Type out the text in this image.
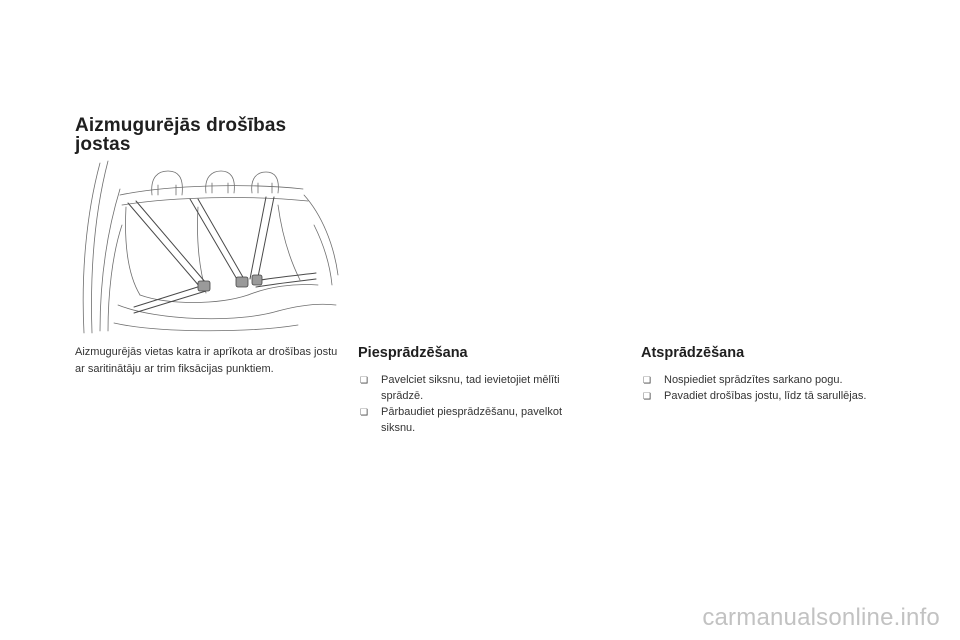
Aizmugurējās drošības
jostas

Aizmugurējās vietas katra ir aprīkota ar drošības jostu ar saritinātāju ar trim fiksācijas punktiem.

Piesprādzēšana
❏ Pavelciet siksnu, tad ievietojiet mēlīti sprādzē.
❏ Pārbaudiet piesprādzēšanu, pavelkot siksnu.
Atsprādzēšana
❏ Nospiediet sprādzītes sarkano pogu.
❏ Pavadiet drošības jostu, līdz tā sarullējas.
carmanualsonline.info
